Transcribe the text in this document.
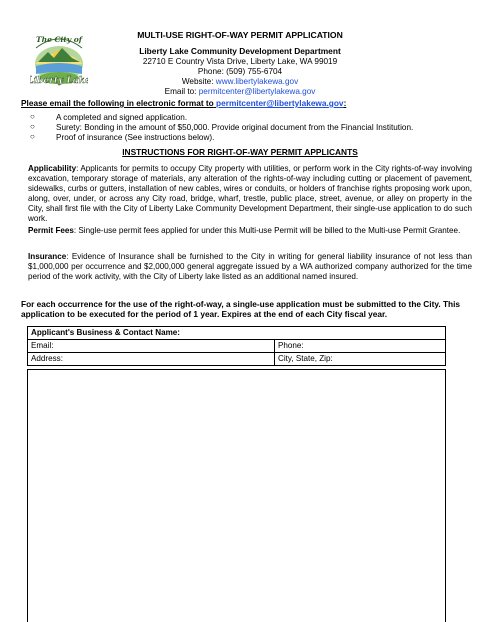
The City of
Liberty Lake
MULTI-USE RIGHT-OF-WAY PERMIT APPLICATION
Liberty Lake Community Development Department
22710 E Country Vista Drive, Liberty Lake, WA 99019
Phone: (509) 755-6704
Website: www.libertylakewa.gov
Email to: permitcenter@libertylakewa.gov
Please email the following in electronic format to permitcenter@libertylakewa.gov:
○	A completed and signed application.
○	Surety: Bonding in the amount of $50,000. Provide original document from the Financial Institution.
○	Proof of insurance (See instructions below).
INSTRUCTIONS FOR RIGHT-OF-WAY PERMIT APPLICANTS
Applicability: Applicants for permits to occupy City property with utilities, or perform work in the City rights-of-way involving excavation, temporary storage of materials, any alteration of the rights-of-way including cutting or placement of pavement, sidewalks, curbs or gutters, installation of new cables, wires or conduits, or holders of franchise rights proposing work upon, along, over, under, or across any City road, bridge, wharf, trestle, public place, street, avenue, or alley on property in the City, shall first file with the City of Liberty Lake Community Development Department, their single-use application to do such work.
Permit Fees: Single-use permit fees applied for under this Multi-use Permit will be billed to the Multi-use Permit Grantee.
Insurance: Evidence of Insurance shall be furnished to the City in writing for general liability insurance of not less than $1,000,000 per occurrence and $2,000,000 general aggregate issued by a WA authorized company authorized for the time period of the work activity, with the City of Liberty lake listed as an additional named insured.
For each occurrence for the use of the right-of-way, a single-use application must be submitted to the City. This application to be executed for the period of 1 year. Expires at the end of each City fiscal year.
Applicant's Business & Contact Name:	
Email:	Phone:
Address:	City, State, Zip:
